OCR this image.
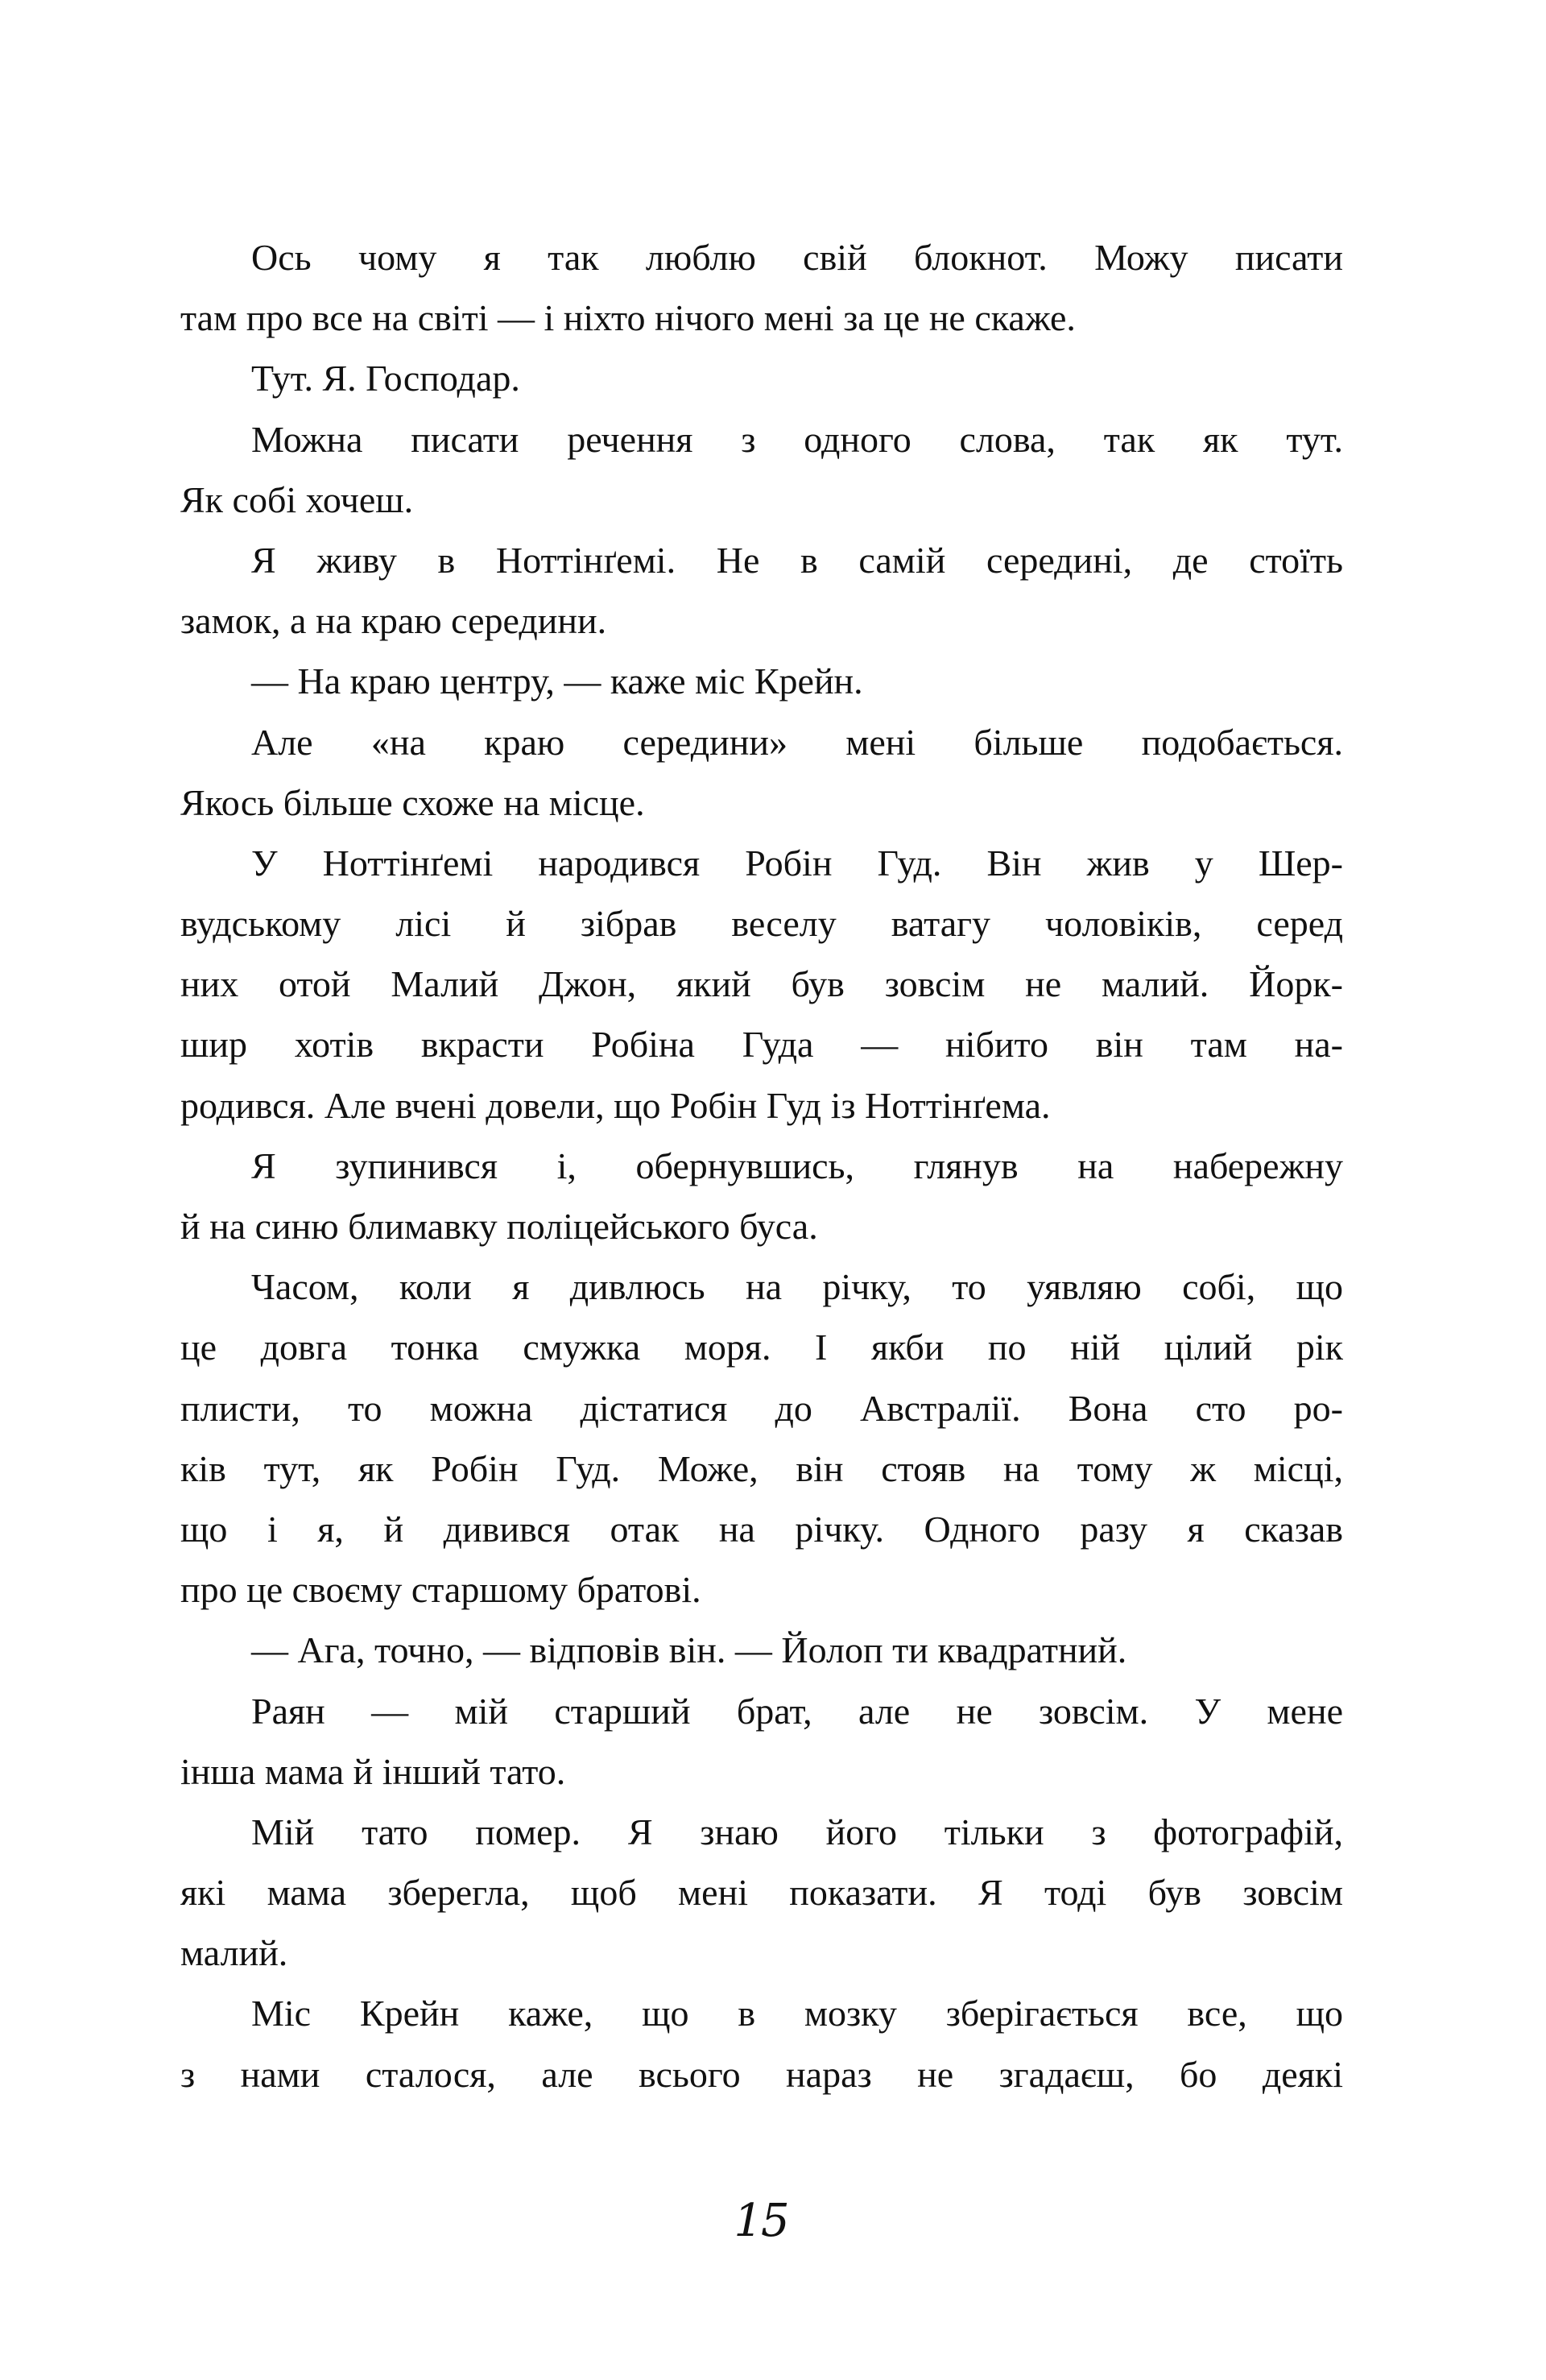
Ось чому я так люблю свій блокнот. Можу писати
там про все на світі — і ніхто нічого мені за це не скаже.
Тут. Я. Господар.
Можна писати речення з одного слова, так як тут.
Як собі хочеш.
Я живу в Ноттінґемі. Не в самій середині, де стоїть
замок, а на краю середини.
— На краю центру, — каже міс Крейн.
Але «на краю середини» мені більше подобається.
Якось більше схоже на місце.
У Ноттінґемі народився Робін Гуд. Він жив у Шер-
вудському лісі й зібрав веселу ватагу чоловіків, серед
них отой Малий Джон, який був зовсім не малий. Йорк-
шир хотів вкрасти Робіна Гуда — нібито він там на-
родився. Але вчені довели, що Робін Гуд із Ноттінґема.
Я зупинився і, обернувшись, глянув на набережну
й на синю блимавку поліцейського буса.
Часом, коли я дивлюсь на річку, то уявляю собі, що
це довга тонка смужка моря. І якби по ній цілий рік
плисти, то можна дістатися до Австралії. Вона сто ро-
ків тут, як Робін Гуд. Може, він стояв на тому ж місці,
що і я, й дивився отак на річку. Одного разу я сказав
про це своєму старшому братові.
— Ага, точно, — відповів він. — Йолоп ти квадратний.
Раян — мій старший брат, але не зовсім. У мене
інша мама й інший тато.
Мій тато помер. Я знаю його тільки з фотографій,
які мама зберегла, щоб мені показати. Я тоді був зовсім
малий.
Міс Крейн каже, що в мозку зберігається все, що
з нами сталося, але всього нараз не згадаєш, бо деякі
15
